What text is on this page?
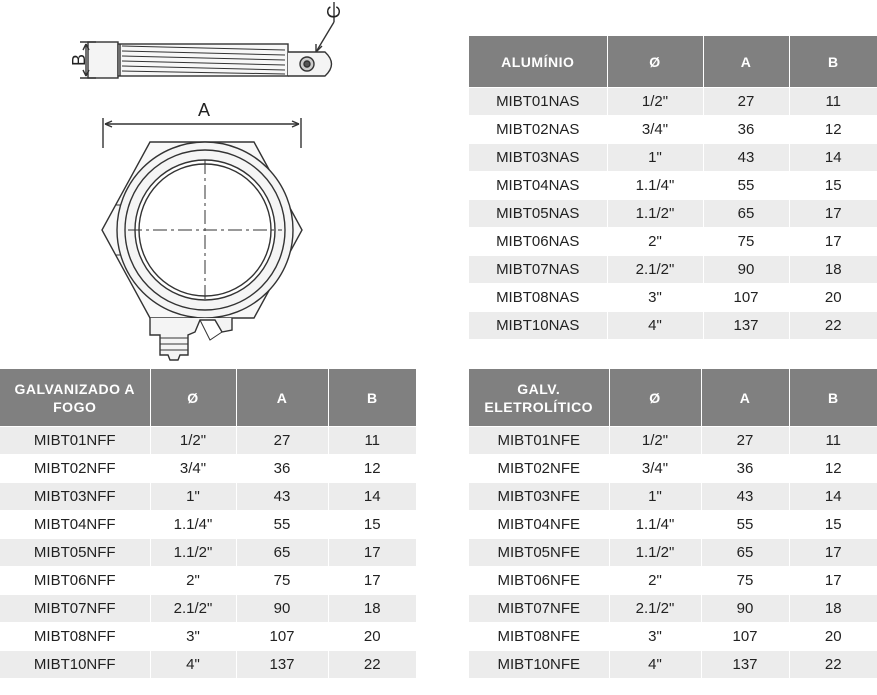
A
B
C
ALUMÍNIO	Ø	A	B
MIBT01NAS	1/2"	27	11
MIBT02NAS	3/4"	36	12
MIBT03NAS	1"	43	14
MIBT04NAS	1.1/4"	55	15
MIBT05NAS	1.1/2"	65	17
MIBT06NAS	2"	75	17
MIBT07NAS	2.1/2"	90	18
MIBT08NAS	3"	107	20
MIBT10NAS	4"	137	22
GALVANIZADO A FOGO	Ø	A	B
MIBT01NFF	1/2"	27	11
MIBT02NFF	3/4"	36	12
MIBT03NFF	1"	43	14
MIBT04NFF	1.1/4"	55	15
MIBT05NFF	1.1/2"	65	17
MIBT06NFF	2"	75	17
MIBT07NFF	2.1/2"	90	18
MIBT08NFF	3"	107	20
MIBT10NFF	4"	137	22
GALV. ELETROLÍTICO	Ø	A	B
MIBT01NFE	1/2"	27	11
MIBT02NFE	3/4"	36	12
MIBT03NFE	1"	43	14
MIBT04NFE	1.1/4"	55	15
MIBT05NFE	1.1/2"	65	17
MIBT06NFE	2"	75	17
MIBT07NFE	2.1/2"	90	18
MIBT08NFE	3"	107	20
MIBT10NFE	4"	137	22
